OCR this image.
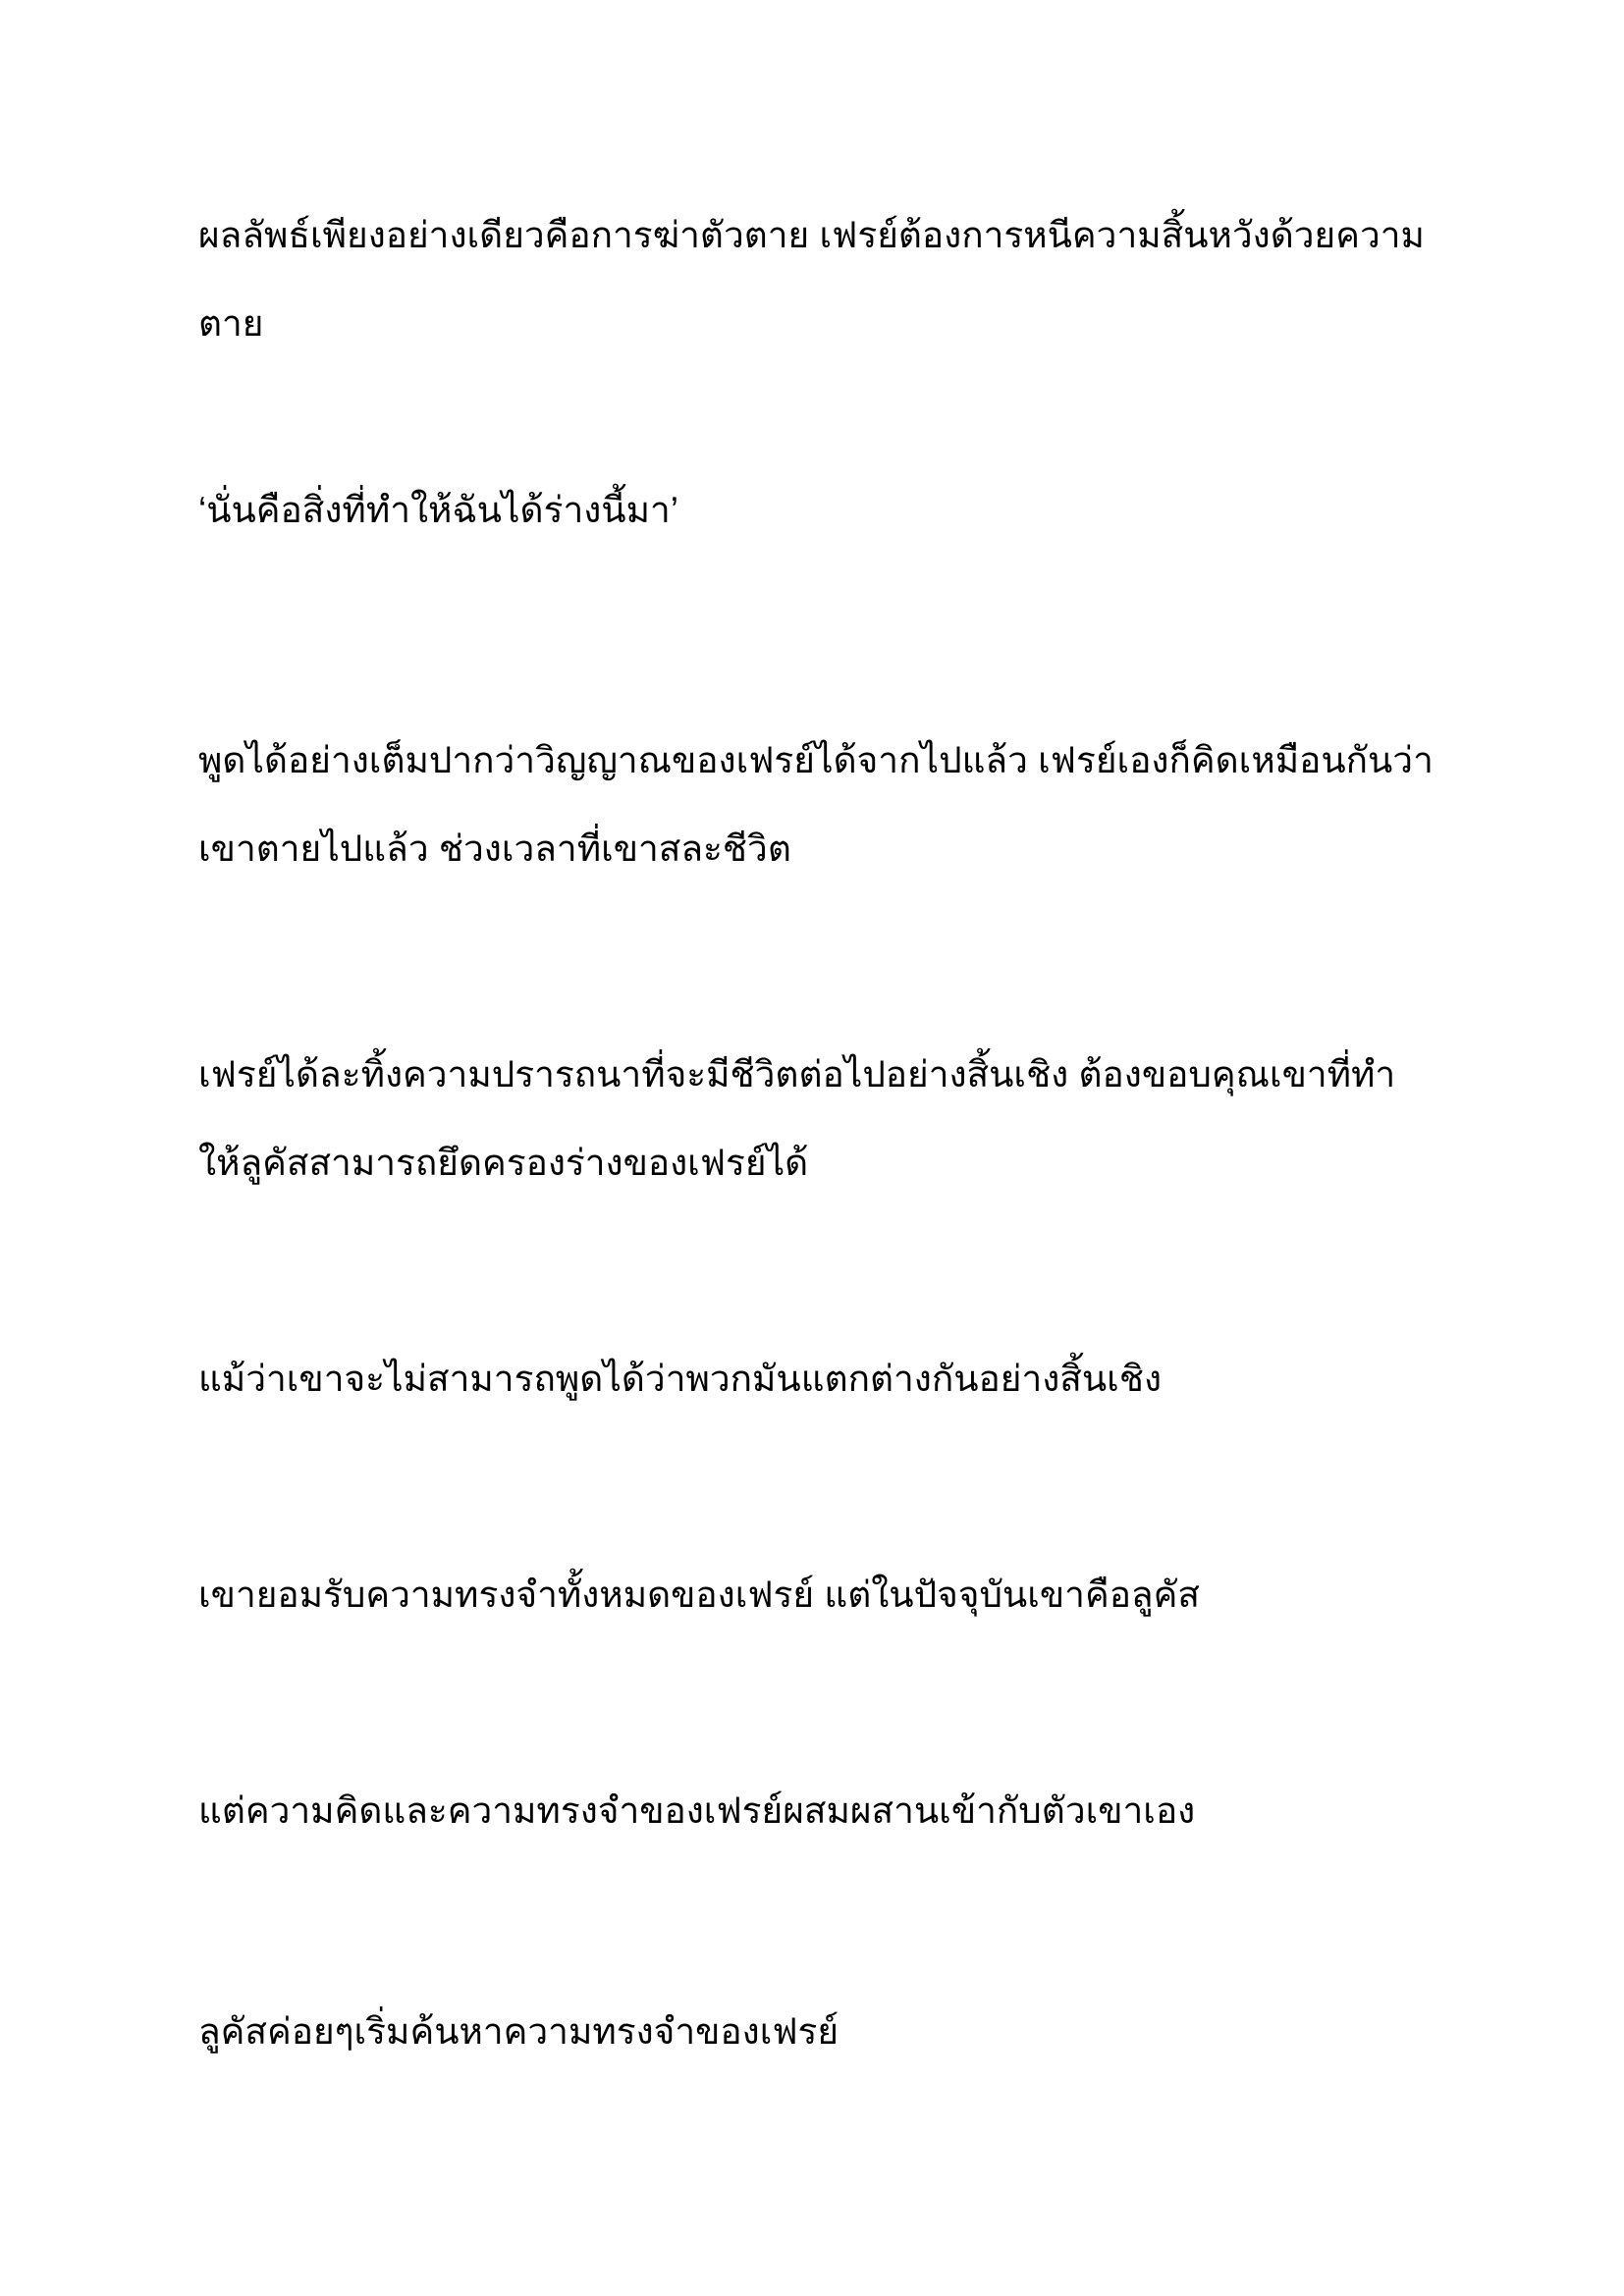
ผลลัพธ์เพียงอย่างเดียวคือการฆ่าตัวตาย เฟรย์ต้องการหนีความสิ้นหวังด้วยความ
ตาย

‘นั่นคือสิ่งที่ทำให้ฉันได้ร่างนี้มา’

พูดได้อย่างเต็มปากว่าวิญญาณของเฟรย์ได้จากไปแล้ว เฟรย์เองก็คิดเหมือนกันว่า
เขาตายไปแล้ว ช่วงเวลาที่เขาสละชีวิต

เฟรย์ได้ละทิ้งความปรารถนาที่จะมีชีวิตต่อไปอย่างสิ้นเชิง ต้องขอบคุณเขาที่ทำ
ให้ลูคัสสามารถยึดครองร่างของเฟรย์ได้

แม้ว่าเขาจะไม่สามารถพูดได้ว่าพวกมันแตกต่างกันอย่างสิ้นเชิง

เขายอมรับความทรงจำทั้งหมดของเฟรย์ แต่ในปัจจุบันเขาคือลูคัส

แต่ความคิดและความทรงจำของเฟรย์ผสมผสานเข้ากับตัวเขาเอง

ลูคัสค่อยๆเริ่มค้นหาความทรงจำของเฟรย์
